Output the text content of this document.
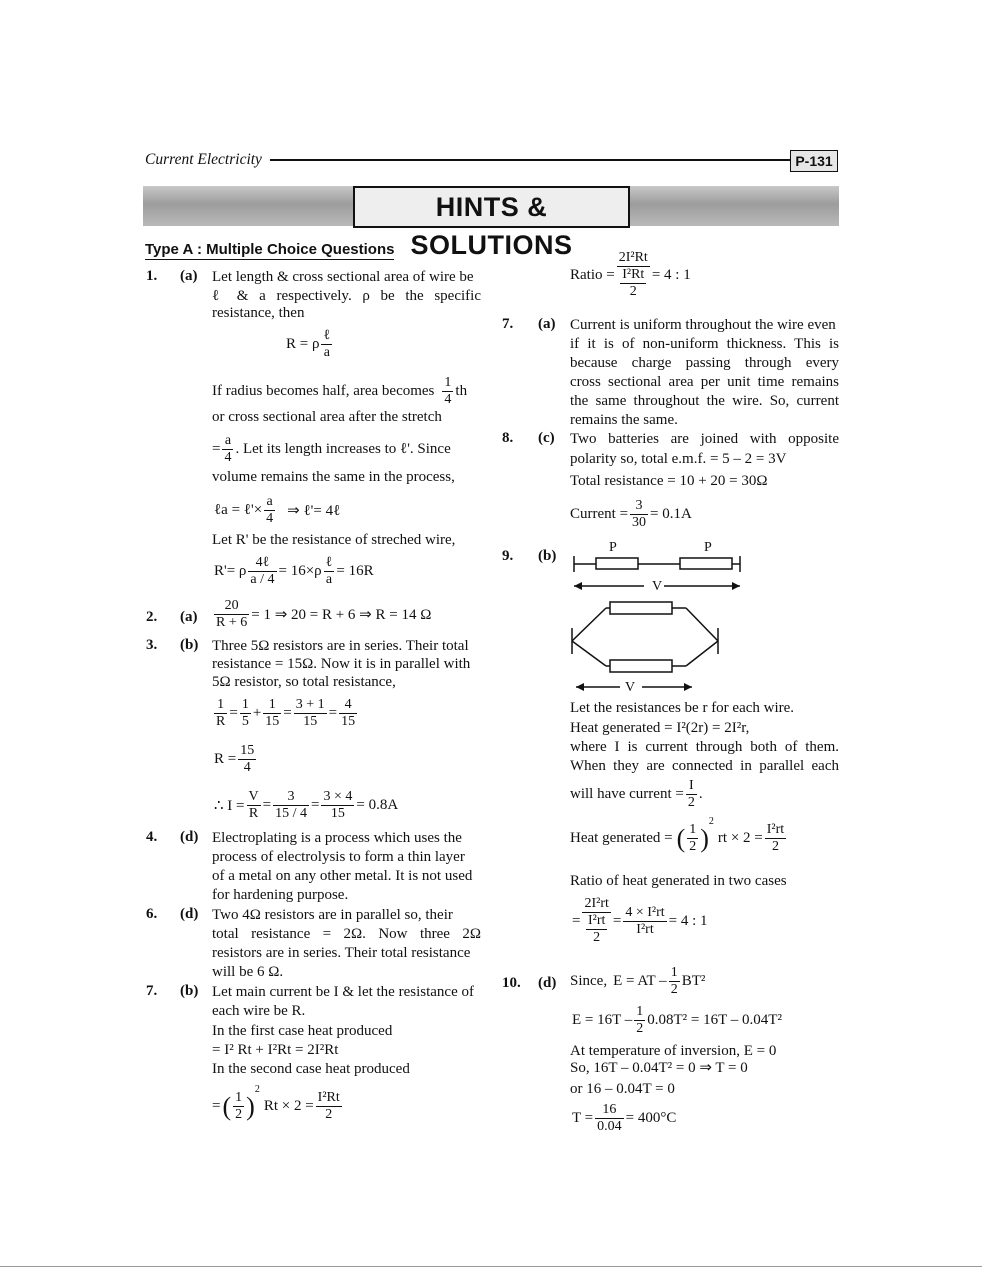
Current Electricity	P-131
HINTS & SOLUTIONS
Type A : Multiple Choice Questions
1. (a) Let length & cross sectional area of wire be
ℓ & a respectively. ρ be the specific
resistance, then
R = ρ $\frac{\text{ℓ}}{a}$
If radius becomes half, area becomes $\frac{1}{4}$ th
or cross sectional area after the stretch
= $\frac{a}{4}$ . Let its length increases to ℓ'. Since
volume remains the same in the process,
ℓa = ℓ'× $\frac{a}{4}$ ⇒ ℓ'= 4ℓ
Let R' be the resistance of streched wire,
R'= ρ $\frac{\text{4ℓ}}{a / 4} = 16\times\rho \frac{\text{ℓ}}{a} = 16R$
2. $(a) \frac{20}{R + 6} = 1$ ⇒ 20 = R + 6 ⇒ R = 14 Ω
3. (b) Three 5Ω resistors are in series. Their total
resistance = 15Ω. Now it is in parallel with
5Ω resistor, so total resistance,
$\frac{1}{R} = \frac{1}{5} + \frac{1}{15} = \frac{3 + 1}{15} = \frac{4}{15}$
$R = \frac{15}{4}$
∴ $I = \frac{V}{R} = \frac{3}{15 / 4} = \frac{3 \times 4}{15} = 0.8A$
4. (d) Electroplating is a process which uses the
process of electrolysis to form a thin layer
of a metal on any other metal. It is not used
for hardening purpose.
6. (d) Two 4Ω resistors are in parallel so, their
total resistance = 2Ω. Now three 2Ω
resistors are in series. Their total resistance
will be 6 Ω.
7. (b) Let main current be I & let the resistance of
each wire be R.
In the first case heat produced
= I² Rt + I²Rt = 2I²Rt
In the second case heat produced
= ( $\frac{1}{2}$ )
2
$Rt \times 2 = \frac{\text{I²Rt}}{2}$
Ratio = $\frac{\text{2I²Rt}}{\frac{\text{I²Rt}}{2}} = 4$ : 1
7. (a) Current is uniform throughout the wire even
if it is of non-uniform thickness. This is
because charge passing through every
cross sectional area per unit time remains
the same throughout the wire. So, current
remains the same.
8. (c) Two batteries are joined with opposite
polarity so, total e.m.f. = 5 – 2 = 3V
Total resistance = 10 + 20 = 30Ω
Current = $\frac{3}{30} = 0.1A$
9. (b)
P	P
V
V
Let the resistances be r for each wire.
Heat generated = I²(2r) = 2I²r,
where I is current through both of them.
When they are connected in parallel each
will have current = $\frac{I}{2}$ .
Heat generated = ( $\frac{1}{2}$ )
2
rt × $2 = \frac{\text{I²rt}}{2}$
Ratio of heat generated in two cases
= $\frac{\text{2I²rt}}{\frac{\text{I²rt}}{2}} = \frac{\text{4 × I²rt}}{\text{I²rt}} = 4$ : 1
10. (d) Since, E = AT – $\frac{1}{2} BT^2$
$E = 16T - \frac{1}{2} 0.08T^2 = 16T - 0.04T^2$
At temperature of inversion, E = 0
So, 16T – 0.04T² = 0 ⇒ T = 0
or 16 – 0.04T = 0
$T = \frac{16}{0.04} = 400^\circ C$
